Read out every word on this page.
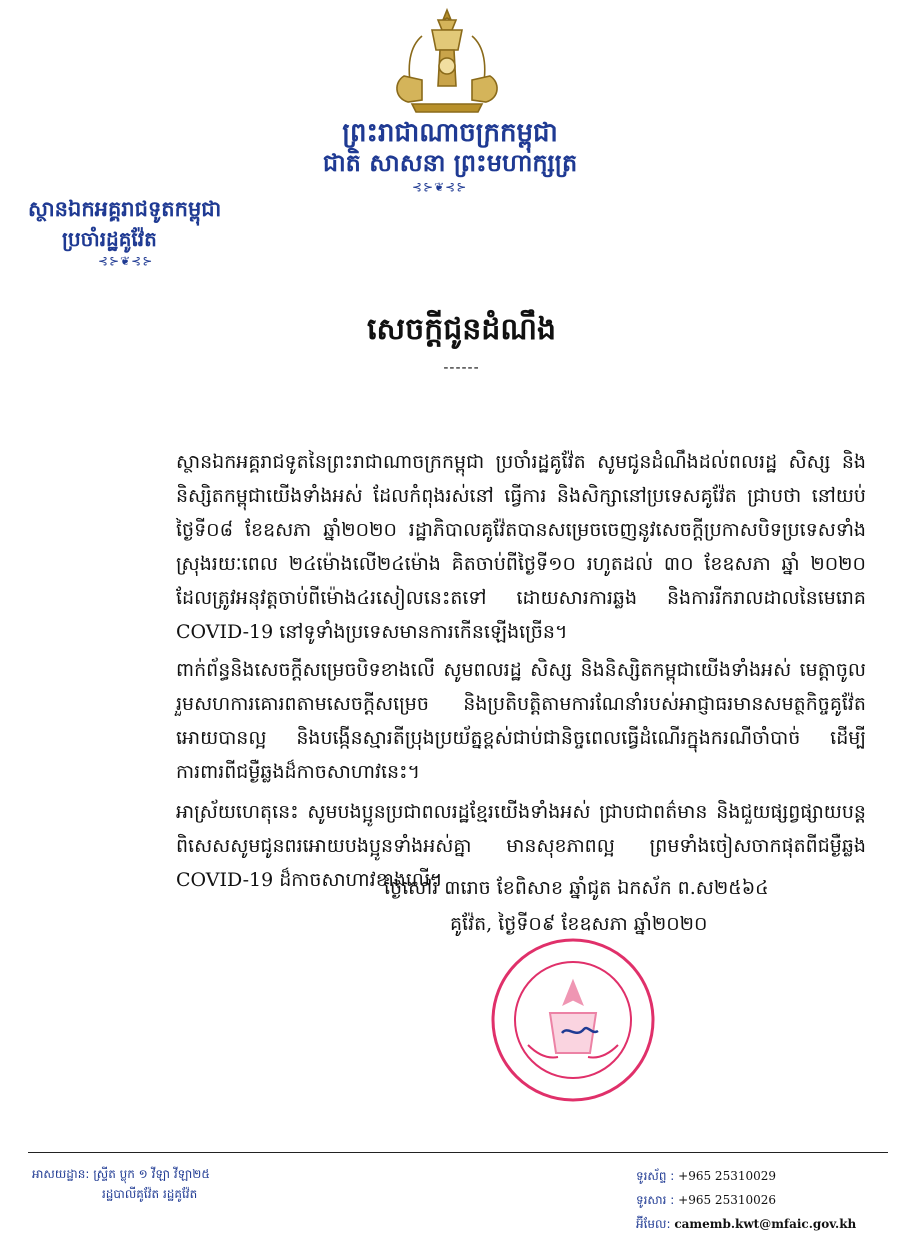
ព្រះរាជាណាចក្រកម្ពុជា
ជាតិ សាសនា ព្រះមហាក្សត្រ
⊰⊱❦⊰⊱
ស្ថានឯកអគ្គរាជទូតកម្ពុជា
ប្រចាំរដ្ឋគូវ៉ែត
⊰⊱❦⊰⊱
សេចក្តីជូនដំណឹង
------

ស្ថានឯកអគ្គរាជទូតនៃព្រះរាជាណាចក្រកម្ពុជា ប្រចាំរដ្ឋគូវ៉ែត សូមជូនដំណឹងដល់ពលរដ្ឋ សិស្ស និងនិស្សិតកម្ពុជាយើងទាំងអស់ ដែលកំពុងរស់នៅ ធ្វើការ និងសិក្សានៅប្រទេសគូវ៉ែត ជ្រាបថា នៅយប់ថ្ងៃទី០៨ ខែឧសភា ឆ្នាំ២០២០ រដ្ឋាភិបាលគូវ៉ែតបានសម្រេចចេញនូវសេចក្តីប្រកាសបិទប្រទេសទាំងស្រុងរយៈពេល ២៤ម៉ោងលើ២៤ម៉ោង គិតចាប់ពីថ្ងៃទី១០ រហូតដល់ ៣០ ខែឧសភា ឆ្នាំ ២០២០ ដែលត្រូវអនុវត្តចាប់ពីម៉ោង៤រសៀលនេះតទៅ ដោយសារការឆ្លង និងការរីករាលដាលនៃមេរោគ COVID-19 នៅទូទាំងប្រទេសមានការកើនឡើងច្រើន។

ពាក់ព័ន្ធនិងសេចក្តីសម្រេចបិទខាងលើ សូមពលរដ្ឋ សិស្ស និងនិស្សិតកម្ពុជាយើងទាំងអស់ មេត្តាចូលរួមសហការគោរពតាមសេចក្តីសម្រេច និងប្រតិបត្តិតាមការណែនាំរបស់អាជ្ញាធរមានសមត្ថកិច្ចគូវ៉ែត អោយបានល្អ និងបង្កើនស្មារតីប្រុងប្រយ័ត្នខ្ពស់ជាប់ជានិច្ចពេលធ្វើដំណើរក្នុងករណីចាំបាច់ ដើម្បីការពារពីជម្ងឺឆ្លងដ៏កាចសាហាវនេះ។

អាស្រ័យហេតុនេះ សូមបងប្អូនប្រជាពលរដ្ឋខ្មែរយើងទាំងអស់ ជ្រាបជាពត៌មាន និងជួយផ្សព្វផ្សាយបន្ត ពិសេសសូមជូនពរអោយបងប្អូនទាំងអស់គ្នា មានសុខភាពល្អ ព្រមទាំងចៀសចាកផុតពីជម្ងឺឆ្លង COVID-19 ដ៏កាចសាហាវខាងលើ។

ថ្ងៃសៅរ៍ ៣រោច ខែពិសាខ ឆ្នាំជូត ឯកស័ក ព.ស២៥៦៤
គូវ៉ែត, ថ្ងៃទី០៩ ខែឧសភា ឆ្នាំ២០២០
អាសយដ្ឋាន: ស្ទ្រីត ប្លុក ១ វីឡា វីឡា២៥
រដ្ឋបាលីគូវ៉ែត រដ្ឋគូវ៉ែត
ទូរស័ព្ទ : +965 25310029
ទូរសារ : +965 25310026
អ៊ីមែល: camemb.kwt@mfaic.gov.kh
